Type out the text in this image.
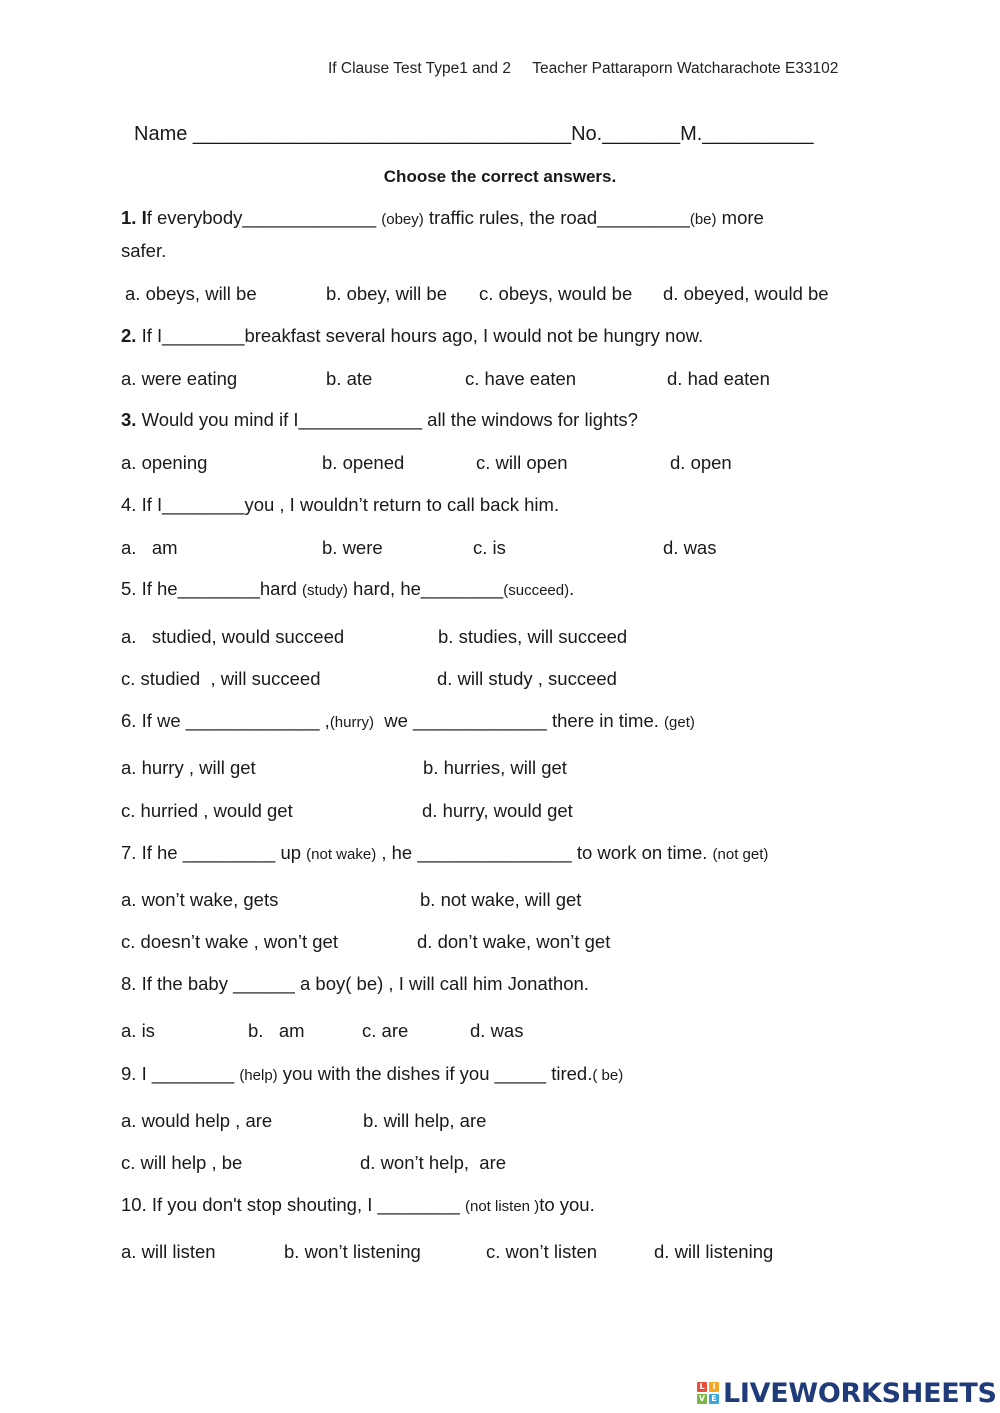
If Clause Test Type1 and 2     Teacher Pattaraporn Watcharachote E33102
Name __________________________________No._______M.__________
Choose the correct answers.
1. If everybody_____________ (obey) traffic rules, the road_________(be) more
safer.
a. obeys, will be	b. obey, will be c. obeys, would be d. obeyed, would be
2. If I________breakfast several hours ago, I would not be hungry now.
a. were eating	b. ate	c. have eaten	d. had eaten
3. Would you mind if I____________ all the windows for lights?
a. opening	b. opened	c. will open	d. open
4. If I________you , I wouldn’t return to call back him.
a.   am	b. were	c. is	d. was
5. If he________hard (study) hard, he________(succeed).
a.   studied, would succeed	b. studies, will succeed
c. studied  , will succeed	d. will study , succeed
6. If we _____________ ,(hurry)  we _____________ there in time. (get)
a. hurry , will get	b. hurries, will get
c. hurried , would get	d. hurry, would get
7. If he _________ up (not wake) , he _______________ to work on time. (not get)
a. won’t wake, gets	b. not wake, will get
c. doesn’t wake , won’t get	d. don’t wake, won’t get
8. If the baby ______ a boy( be) , I will call him Jonathon.
a. is	b.   am	c. are	d. was
9. I ________ (help) you with the dishes if you _____ tired.( be)
a. would help , are	b. will help, are
c. will help , be	d. won’t help,  are
10. If you don't stop shouting, I ________ (not listen )to you.
a. will listen	b. won’t listening	c. won’t listen	d. will listening
L I
V E LIVEWORKSHEETS
